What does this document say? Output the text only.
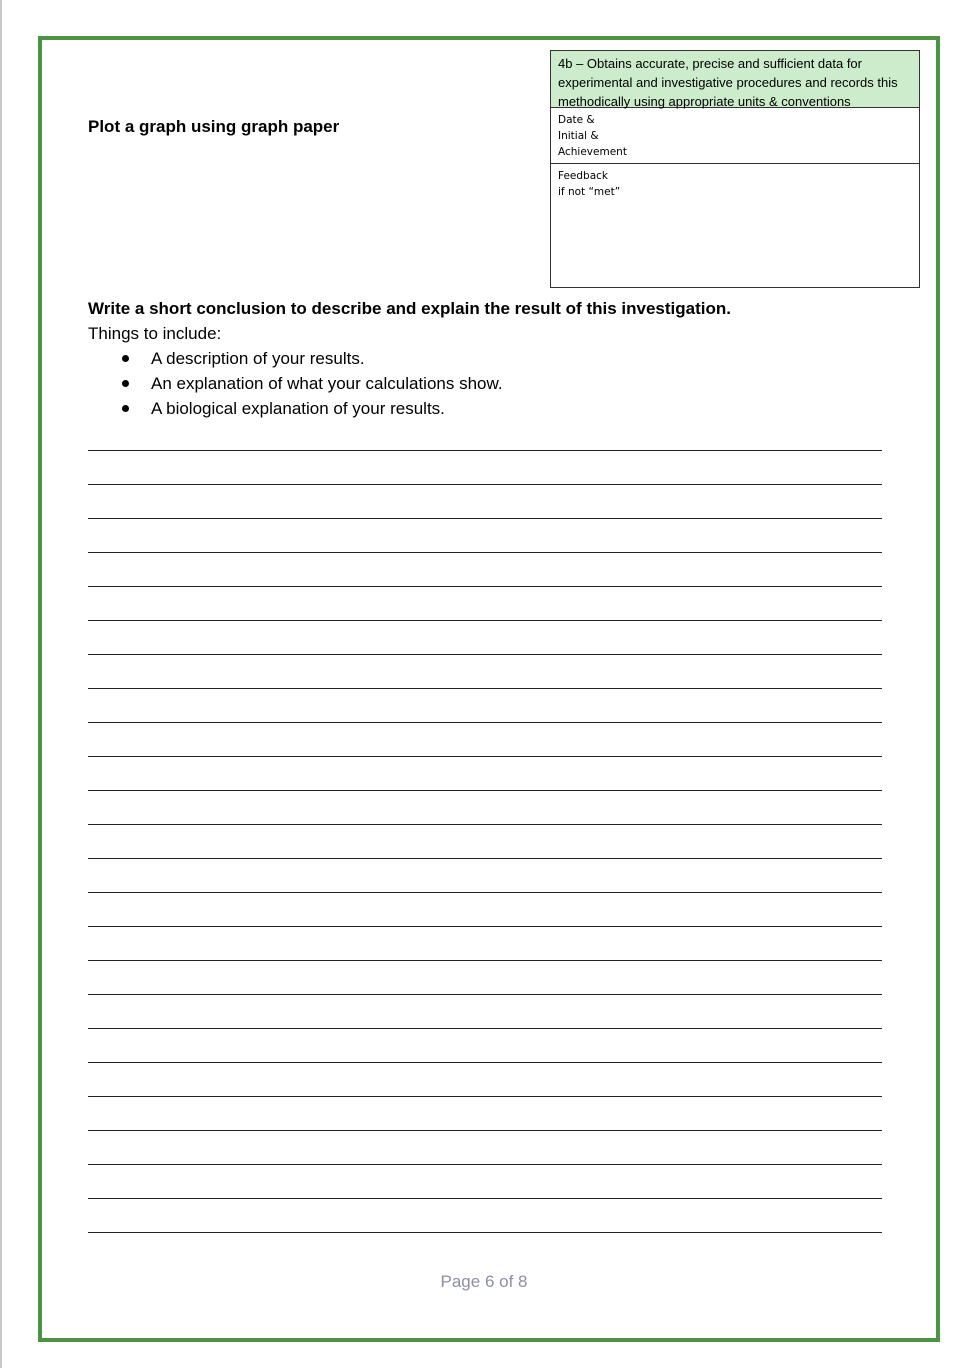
Plot a graph using graph paper
4b – Obtains accurate, precise and sufficient data for experimental and investigative procedures and records this methodically using appropriate units & conventions
Date &
Initial &
Achievement
Feedback
if not “met”
Write a short conclusion to describe and explain the result of this investigation.
Things to include:
A description of your results.
An explanation of what your calculations show.
A biological explanation of your results.
Page 6 of 8
